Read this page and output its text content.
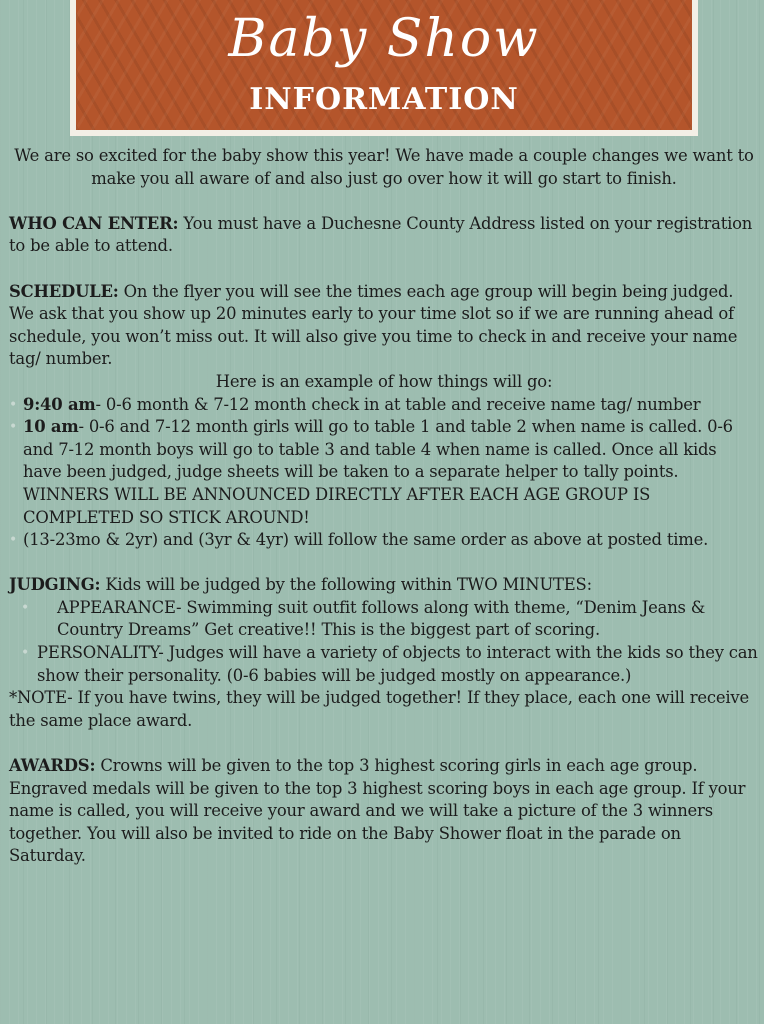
Baby Show
INFORMATION

We are so excited for the baby show this year! We have made a couple changes we want to make you all aware of and also just go over how it will go start to finish.

WHO CAN ENTER: You must have a Duchesne County Address listed on your registration to be able to attend.

SCHEDULE: On the flyer you will see the times each age group will begin being judged. We ask that you show up 20 minutes early to your time slot so if we are running ahead of schedule, you won’t miss out. It will also give you time to check in and receive your name tag/ number.

Here is an example of how things will go:

• 9:40 am- 0-6 month & 7-12 month check in at table and receive name tag/ number
• 10 am- 0-6 and 7-12 month girls will go to table 1 and table 2 when name is called. 0-6 and 7-12 month boys will go to table 3 and table 4 when name is called. Once all kids have been judged, judge sheets will be taken to a separate helper to tally points. WINNERS WILL BE ANNOUNCED DIRECTLY AFTER EACH AGE GROUP IS COMPLETED SO STICK AROUND!
• (13-23mo & 2yr) and (3yr & 4yr) will follow the same order as above at posted time.

JUDGING: Kids will be judged by the following within TWO MINUTES:

• APPEARANCE- Swimming suit outfit follows along with theme, “Denim Jeans & Country Dreams” Get creative!! This is the biggest part of scoring.
• PERSONALITY- Judges will have a variety of objects to interact with the kids so they can show their personality. (0-6 babies will be judged mostly on appearance.)

*NOTE- If you have twins, they will be judged together! If they place, each one will receive the same place award.

AWARDS: Crowns will be given to the top 3 highest scoring girls in each age group. Engraved medals will be given to the top 3 highest scoring boys in each age group. If your name is called, you will receive your award and we will take a picture of the 3 winners together. You will also be invited to ride on the Baby Shower float in the parade on Saturday.
